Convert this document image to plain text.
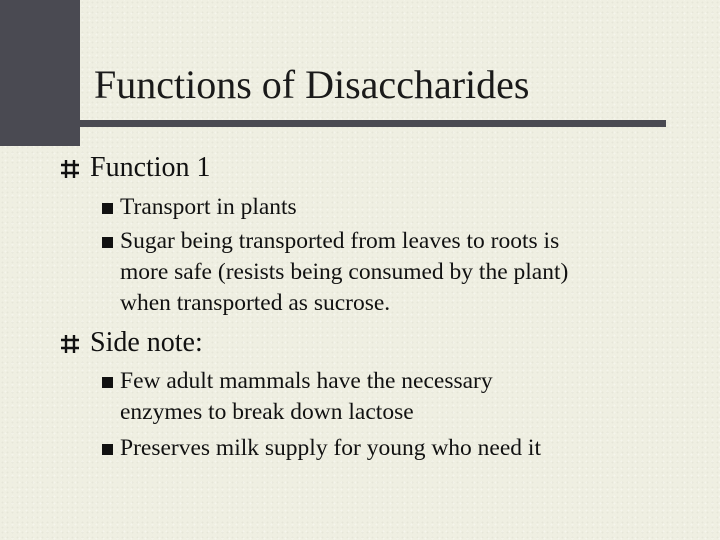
Functions of Disaccharides

Function 1

Transport in plants
Sugar being transported from leaves to roots is
more safe (resists being consumed by the plant)
when transported as sucrose.

Side note:

Few adult mammals have the necessary
enzymes to break down lactose
Preserves milk supply for young who need it
